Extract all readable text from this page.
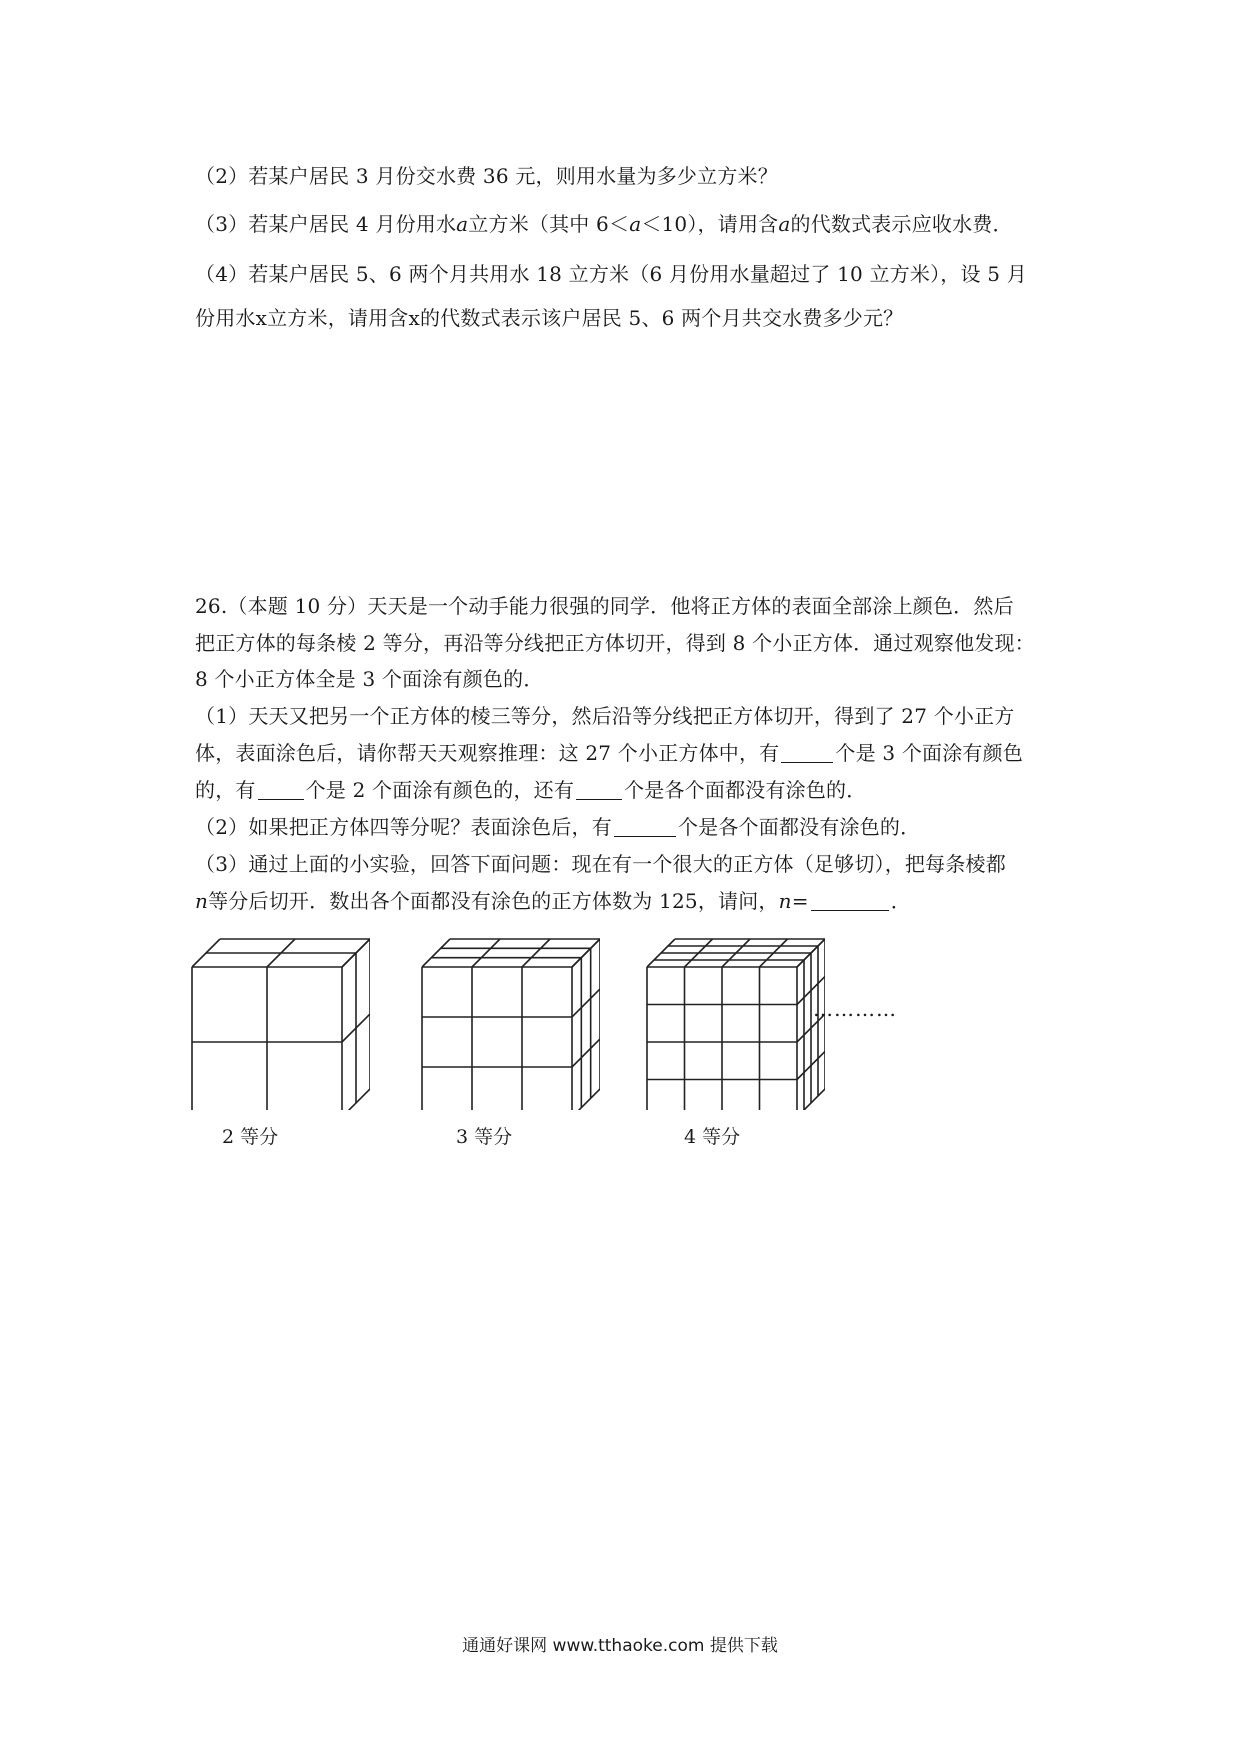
（2）若某户居民 3 月份交水费 36 元，则用水量为多少立方米？
（3）若某户居民 4 月份用水a立方米（其中 6＜a＜10），请用含a的代数式表示应收水费．
（4）若某户居民 5、6 两个月共用水 18 立方米（6 月份用水量超过了 10 立方米），设 5 月
份用水x立方米，请用含x的代数式表示该户居民 5、6 两个月共交水费多少元？
26.（本题 10 分）天天是一个动手能力很强的同学．他将正方体的表面全部涂上颜色．然后
把正方体的每条棱 2 等分，再沿等分线把正方体切开，得到 8 个小正方体．通过观察他发现：
8 个小正方体全是 3 个面涂有颜色的．
（1）天天又把另一个正方体的棱三等分，然后沿等分线把正方体切开，得到了 27 个小正方
体，表面涂色后，请你帮天天观察推理：这 27 个小正方体中，有	个是 3 个面涂有颜色
的，有	个是 2 个面涂有颜色的，还有	个是各个面都没有涂色的．
（2）如果把正方体四等分呢？表面涂色后，有	个是各个面都没有涂色的．
（3）通过上面的小实验，回答下面问题：现在有一个很大的正方体（足够切），把每条棱都
n等分后切开．数出各个面都没有涂色的正方体数为 125，请问，n=	．
…………
2 等分	3 等分	4 等分
通通好课网 www.tthaoke.com 提供下载
